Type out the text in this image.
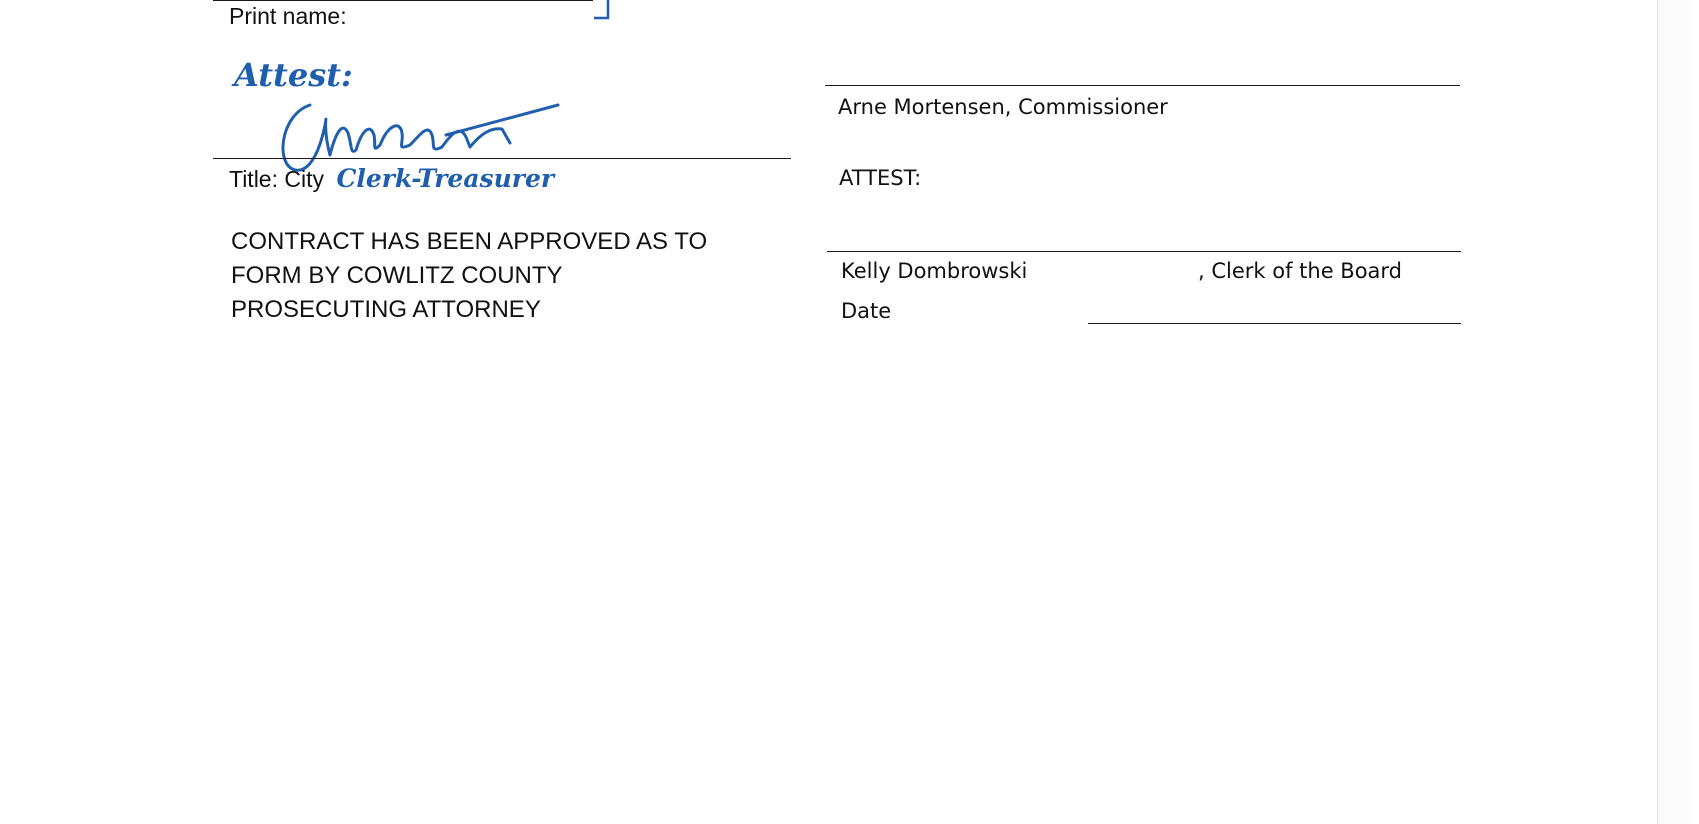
Print name:
Attest:
Title: City Clerk-Treasurer
CONTRACT HAS BEEN APPROVED AS TO
FORM BY COWLITZ COUNTY
PROSECUTING ATTORNEY
Arne Mortensen, Commissioner
ATTEST:
Kelly Dombrowski	, Clerk of the Board
Date
